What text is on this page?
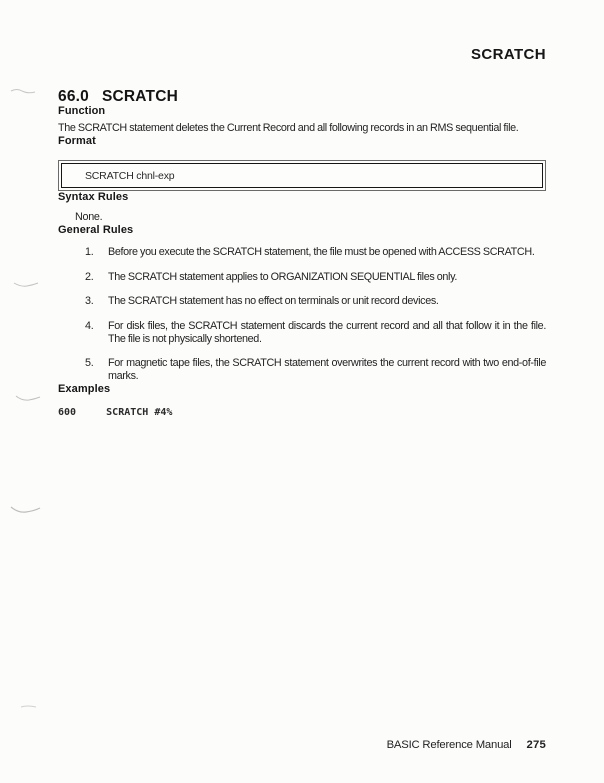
SCRATCH
66.0 SCRATCH
Function

The SCRATCH statement deletes the Current Record and all following records in an RMS sequential file.

Format
SCRATCH chnl-exp
Syntax Rules

None.

General Rules
1.	Before you execute the SCRATCH statement, the file must be opened with ACCESS SCRATCH.
2.	The SCRATCH statement applies to ORGANIZATION SEQUENTIAL files only.
3.	The SCRATCH statement has no effect on terminals or unit record devices.
4.	For disk files, the SCRATCH statement discards the current record and all that follow it in the file. The file is not physically shortened.
5.	For magnetic tape files, the SCRATCH statement overwrites the current record with two end-of-file marks.
Examples
600     SCRATCH #4%
BASIC Reference Manual 275
